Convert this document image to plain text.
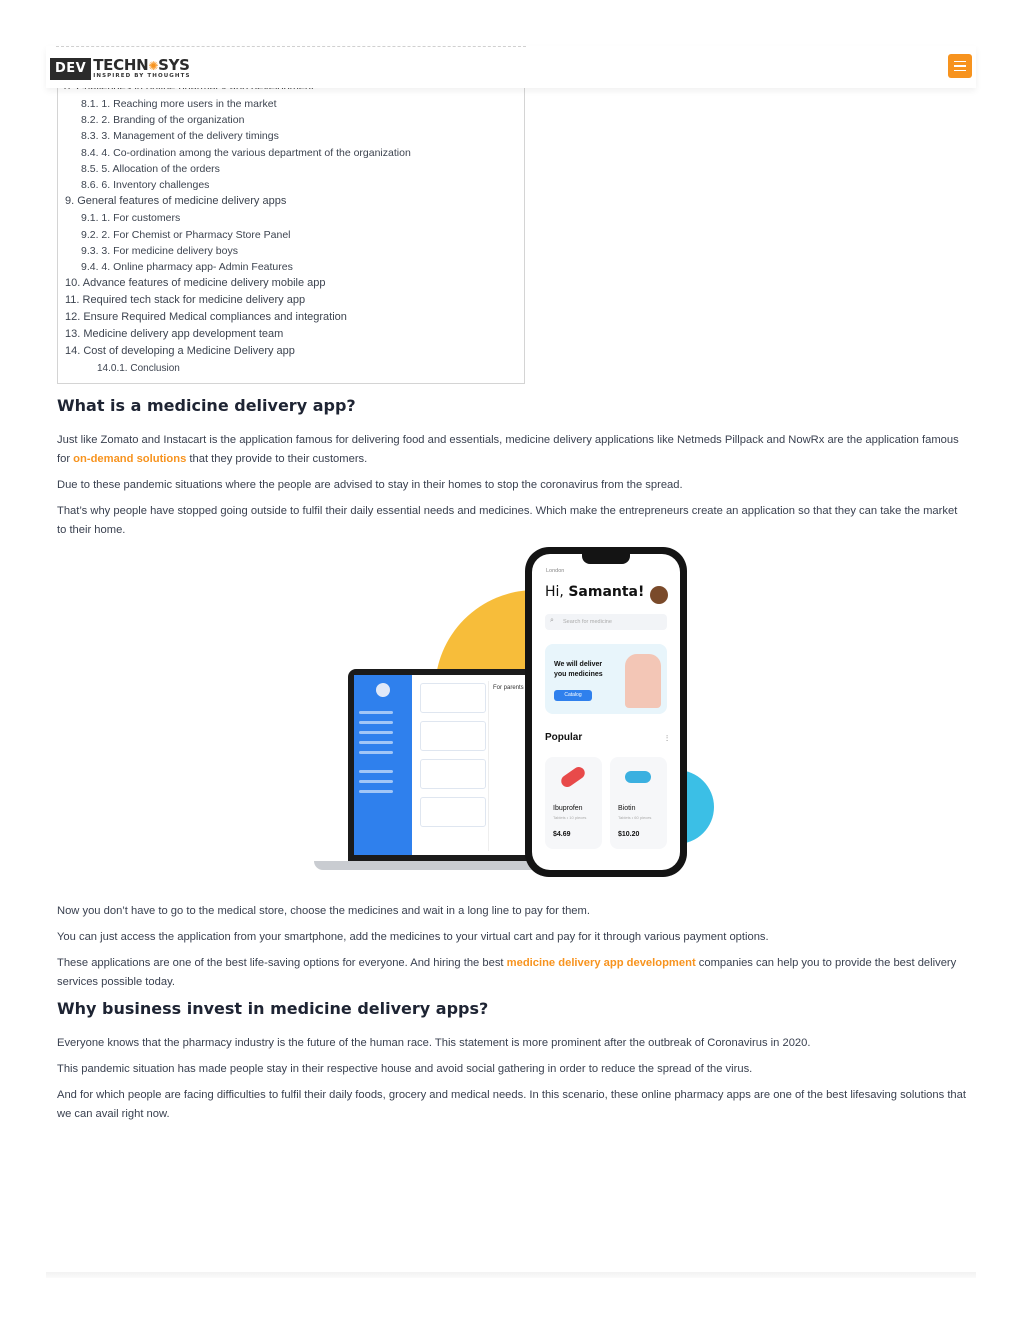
8.1. 1. Reaching more users in the market
8.2. 2. Branding of the organization
8.3. 3. Management of the delivery timings
8.4. 4. Co-ordination among the various department of the organization
8.5. 5. Allocation of the orders
8.6. 6. Inventory challenges
9. General features of medicine delivery apps
9.1. 1. For customers
9.2. 2. For Chemist or Pharmacy Store Panel
9.3. 3. For medicine delivery boys
9.4. 4. Online pharmacy app- Admin Features
10. Advance features of medicine delivery mobile app
11. Required tech stack for medicine delivery app
12. Ensure Required Medical compliances and integration
13. Medicine delivery app development team
14. Cost of developing a Medicine Delivery app
14.0.1. Conclusion
DEV TECHN✺SYS
INSPIRED BY THOUGHTS
What is a medicine delivery app?

Just like Zomato and Instacart is the application famous for delivering food and essentials, medicine delivery applications like Netmeds Pillpack and NowRx are the application famous for on-demand solutions that they provide to their customers.

Due to these pandemic situations where the people are advised to stay in their homes to stop the coronavirus from the spread.

That’s why people have stopped going outside to fulfil their daily essential needs and medicines. Which make the entrepreneurs create an application so that they can take the market to their home.

For parents
London
Hi, Samanta!
⌕ Search for medicine
We will deliver you medicines
Catalog
Popular	⫶
Ibuprofen
Tablets • 10 pieces
$4.69
Biotin
Tablets • 60 pieces
$10.20

Now you don’t have to go to the medical store, choose the medicines and wait in a long line to pay for them.

You can just access the application from your smartphone, add the medicines to your virtual cart and pay for it through various payment options.

These applications are one of the best life-saving options for everyone. And hiring the best medicine delivery app development companies can help you to provide the best delivery services possible today.

Why business invest in medicine delivery apps?

Everyone knows that the pharmacy industry is the future of the human race. This statement is more prominent after the outbreak of Coronavirus in 2020.

This pandemic situation has made people stay in their respective house and avoid social gathering in order to reduce the spread of the virus.

And for which people are facing difficulties to fulfil their daily foods, grocery and medical needs. In this scenario, these online pharmacy apps are one of the best lifesaving solutions that we can avail right now.
